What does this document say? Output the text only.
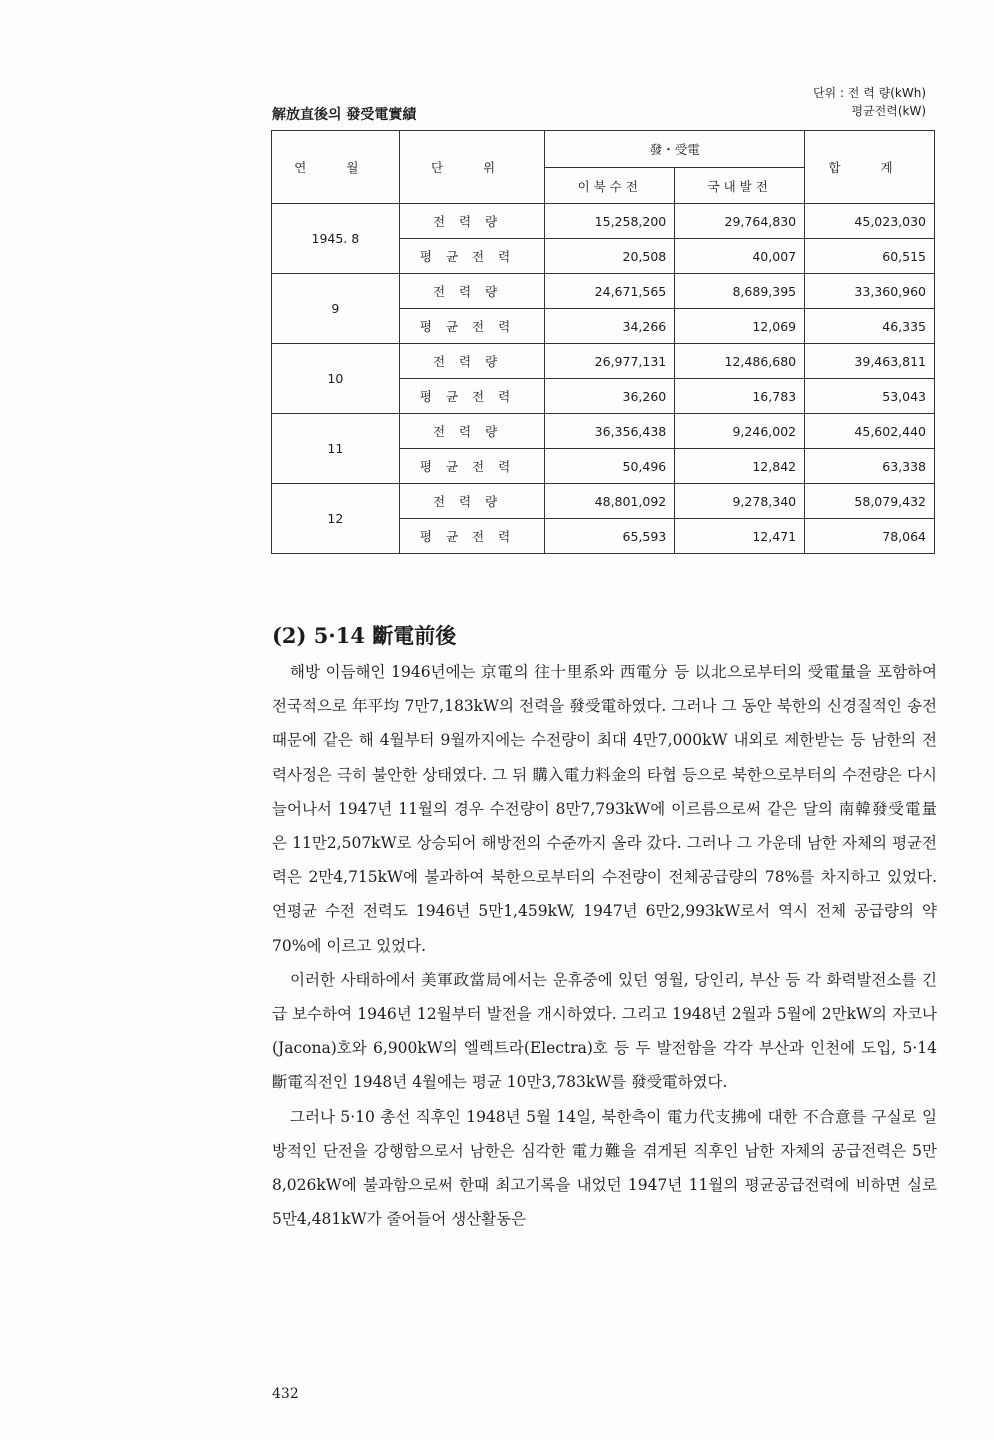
解放直後의 發受電實績
단위 : 전 력 량(kWh)
평균전력(kW)
연 월	단 위	發・受電		합 계
		이북수전	국내발전	
1945. 8	전력량	15,258,200	29,764,830	45,023,030
	평균전력	20,508	40,007	60,515
9	전력량	24,671,565	8,689,395	33,360,960
	평균전력	34,266	12,069	46,335
10	전력량	26,977,131	12,486,680	39,463,811
	평균전력	36,260	16,783	53,043
11	전력량	36,356,438	9,246,002	45,602,440
	평균전력	50,496	12,842	63,338
12	전력량	48,801,092	9,278,340	58,079,432
	평균전력	65,593	12,471	78,064
(2) 5·14 斷電前後

해방 이듬해인 1946년에는 京電의 往十里系와 西電分 등 以北으로부터의 受電量을 포함하여 전국적으로 年平均 7만7,183kW의 전력을 發受電하였다. 그러나 그 동안 북한의 신경질적인 송전 때문에 같은 해 4월부터 9월까지에는 수전량이 최대 4만7,000kW 내외로 제한받는 등 남한의 전력사정은 극히 불안한 상태였다. 그 뒤 購入電力料金의 타협 등으로 북한으로부터의 수전량은 다시 늘어나서 1947년 11월의 경우 수전량이 8만7,793kW에 이르름으로써 같은 달의 南韓發受電量은 11만2,507kW로 상승되어 해방전의 수준까지 올라 갔다. 그러나 그 가운데 남한 자체의 평균전력은 2만4,715kW에 불과하여 북한으로부터의 수전량이 전체공급량의 78%를 차지하고 있었다. 연평균 수전 전력도 1946년 5만1,459kW, 1947년 6만2,993kW로서 역시 전체 공급량의 약 70%에 이르고 있었다.

이러한 사태하에서 美軍政當局에서는 운휴중에 있던 영월, 당인리, 부산 등 각 화력발전소를 긴급 보수하여 1946년 12월부터 발전을 개시하였다. 그리고 1948년 2월과 5월에 2만kW의 자코나(Jacona)호와 6,900kW의 엘렉트라(Electra)호 등 두 발전함을 각각 부산과 인천에 도입, 5·14 斷電직전인 1948년 4월에는 평균 10만3,783kW를 發受電하였다.

그러나 5·10 총선 직후인 1948년 5월 14일, 북한측이 電力代支拂에 대한 不合意를 구실로 일방적인 단전을 강행함으로서 남한은 심각한 電力難을 겪게된 직후인 남한 자체의 공급전력은 5만8,026kW에 불과함으로써 한때 최고기록을 내었던 1947년 11월의 평균공급전력에 비하면 실로 5만4,481kW가 줄어들어 생산활동은

432
